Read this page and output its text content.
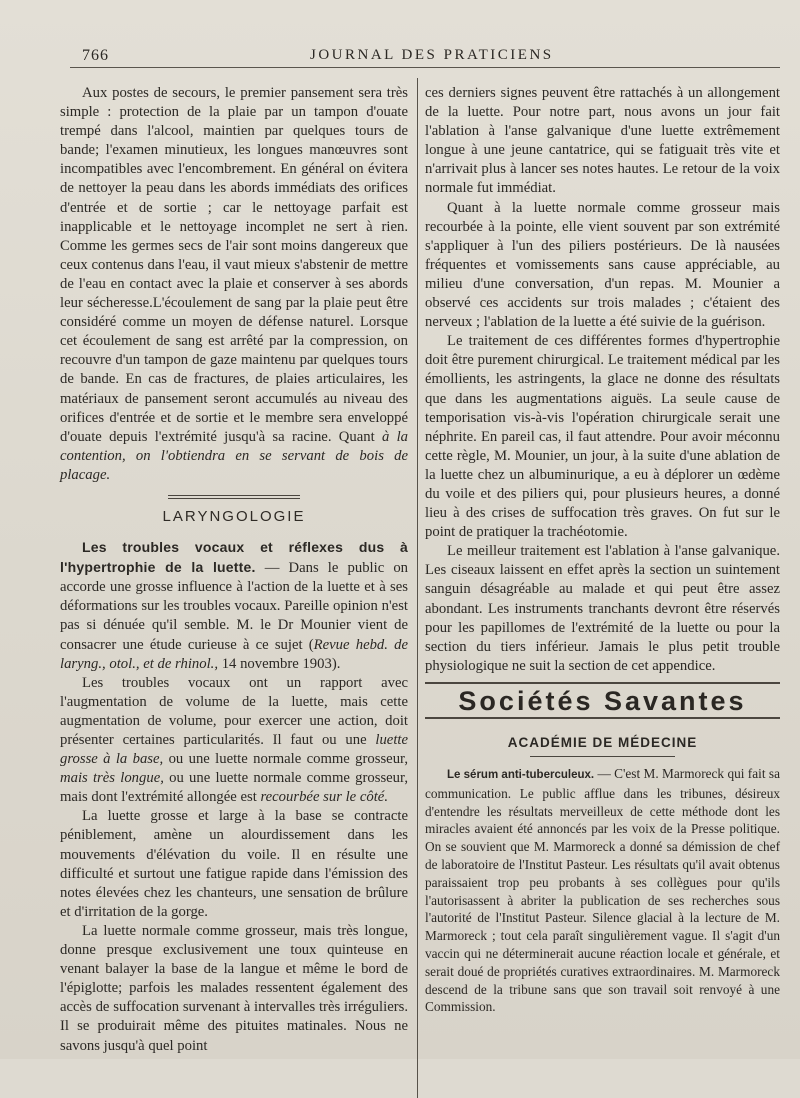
766	JOURNAL DES PRATICIENS

Aux postes de secours, le premier pansement sera très simple : protection de la plaie par un tampon d'ouate trempé dans l'alcool, maintien par quelques tours de bande; l'examen minutieux, les longues manœuvres sont incompatibles avec l'encombrement. En général on évitera de nettoyer la peau dans les abords immédiats des orifices d'entrée et de sortie ; car le nettoyage parfait est inapplicable et le nettoyage incomplet ne sert à rien. Comme les germes secs de l'air sont moins dangereux que ceux contenus dans l'eau, il vaut mieux s'abstenir de mettre de l'eau en contact avec la plaie et conserver à ses abords leur sécheresse.L'écoulement de sang par la plaie peut être considéré comme un moyen de défense naturel. Lorsque cet écoulement de sang est arrêté par la compression, on recouvre d'un tampon de gaze maintenu par quelques tours de bande. En cas de fractures, de plaies articulaires, les matériaux de pansement seront accumulés au niveau des orifices d'entrée et de sortie et le membre sera enveloppé d'ouate depuis l'extrémité jusqu'à sa racine. Quant à la contention, on l'obtiendra en se servant de bois de placage.

LARYNGOLOGIE

Les troubles vocaux et réflexes dus à l'hypertrophie de la luette. — Dans le public on accorde une grosse influence à l'action de la luette et à ses déformations sur les troubles vocaux. Pareille opinion n'est pas si dénuée qu'il semble. M. le Dr Mounier vient de consacrer une étude curieuse à ce sujet (Revue hebd. de laryng., otol., et de rhinol., 14 novembre 1903).

Les troubles vocaux ont un rapport avec l'augmentation de volume de la luette, mais cette augmentation de volume, pour exercer une action, doit présenter certaines particularités. Il faut ou une luette grosse à la base, ou une luette normale comme grosseur, mais très longue, ou une luette normale comme grosseur, mais dont l'extrémité allongée est recourbée sur le côté.

La luette grosse et large à la base se contracte péniblement, amène un alourdissement dans les mouvements d'élévation du voile. Il en résulte une difficulté et surtout une fatigue rapide dans l'émission des notes élevées chez les chanteurs, une sensation de brûlure et d'irritation de la gorge.

La luette normale comme grosseur, mais très longue, donne presque exclusivement une toux quinteuse en venant balayer la base de la langue et même le bord de l'épiglotte; parfois les malades ressentent également des accès de suffocation survenant à intervalles très irréguliers. Il se produirait même des pituites matinales. Nous ne savons jusqu'à quel point

ces derniers signes peuvent être rattachés à un allongement de la luette. Pour notre part, nous avons un jour fait l'ablation à l'anse galvanique d'une luette extrêmement longue à une jeune cantatrice, qui se fatiguait très vite et n'arrivait plus à lancer ses notes hautes. Le retour de la voix normale fut immédiat.

Quant à la luette normale comme grosseur mais recourbée à la pointe, elle vient souvent par son extrémité s'appliquer à l'un des piliers postérieurs. De là nausées fréquentes et vomissements sans cause appréciable, au milieu d'une conversation, d'un repas. M. Mounier a observé ces accidents sur trois malades ; c'étaient des nerveux ; l'ablation de la luette a été suivie de la guérison.

Le traitement de ces différentes formes d'hypertrophie doit être purement chirurgical. Le traitement médical par les émollients, les astringents, la glace ne donne des résultats que dans les augmentations aiguës. La seule cause de temporisation vis-à-vis l'opération chirurgicale serait une néphrite. En pareil cas, il faut attendre. Pour avoir méconnu cette règle, M. Mounier, un jour, à la suite d'une ablation de la luette chez un albuminurique, a eu à déplorer un œdème du voile et des piliers qui, pour plusieurs heures, a donné lieu à des crises de suffocation très graves. On fut sur le point de pratiquer la trachéotomie.

Le meilleur traitement est l'ablation à l'anse galvanique. Les ciseaux laissent en effet après la section un suintement sanguin désagréable au malade et qui peut être assez abondant. Les instruments tranchants devront être réservés pour les papillomes de l'extrémité de la luette ou pour la section du tiers inférieur. Jamais le plus petit trouble physiologique ne suit la section de cet appendice.

Sociétés Savantes
ACADÉMIE DE MÉDECINE

Le sérum anti-tuberculeux. — C'est M. Marmoreck qui fait sa communication. Le public afflue dans les tribunes, désireux d'entendre les résultats merveilleux de cette méthode dont les miracles avaient été annoncés par les voix de la Presse politique. On se souvient que M. Marmoreck a donné sa démission de chef de laboratoire de l'Institut Pasteur. Les résultats qu'il avait obtenus paraissaient trop peu probants à ses collègues pour qu'ils l'autorisassent à abriter la publication de ses recherches sous l'autorité de l'Institut Pasteur. Silence glacial à la lecture de M. Marmoreck ; tout cela paraît singulièrement vague. Il s'agit d'un vaccin qui ne déterminerait aucune réaction locale et générale, et serait doué de propriétés curatives extraordinaires. M. Marmoreck descend de la tribune sans que son travail soit renvoyé à une Commission.
